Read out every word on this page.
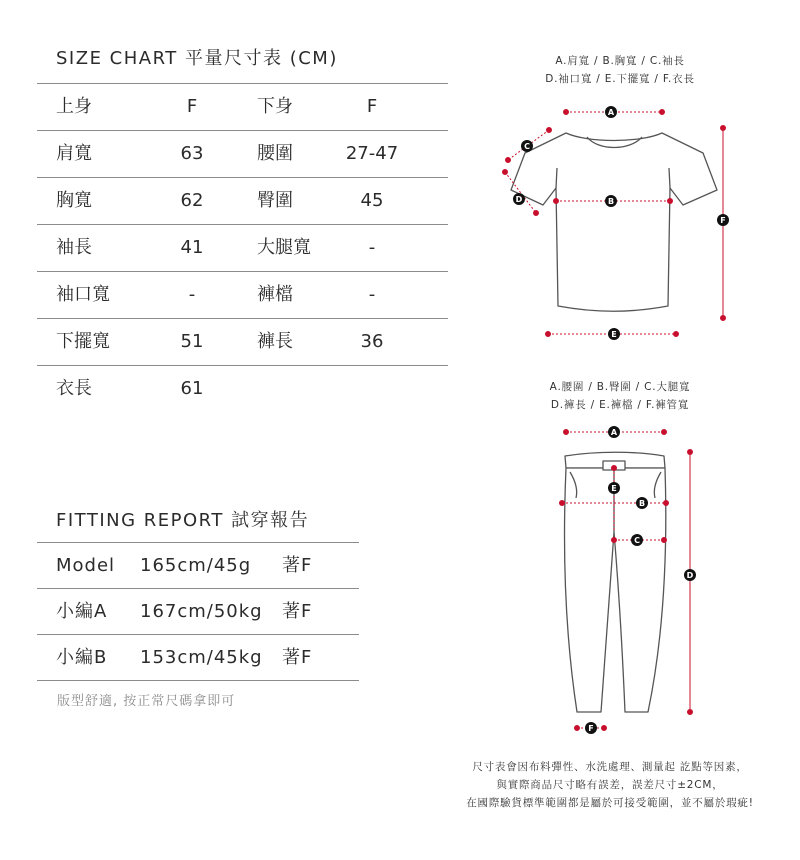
SIZE CHART 平量尺寸表 (CM)
上身	F	下身	F
肩寬	63	腰圍	27-47
胸寬	62	臀圍	45
袖長	41	大腿寬	-
袖口寬	-	褲檔	-
下擺寬	51	褲長	36
衣長	61
FITTING REPORT 試穿報告
Model 165cm/45g 著F
小編A 167cm/50kg 著F
小編B 153cm/45kg 著F
版型舒適, 按正常尺碼拿即可
A.肩寬 / B.胸寬 / C.袖長
D.袖口寬 / E.下擺寬 / F.衣長
A.腰圍 / B.臀圍 / C.大腿寬
D.褲長 / E.褲檔 / F.褲管寬
A
B
C
D
E
F
A
B
C
D
E
F
尺寸表會因布料彈性、水洗處理、測量起 訖點等因素，
與實際商品尺寸略有誤差，誤差尺寸±2CM，
在國際驗貨標準範圍都是屬於可接受範圍，並不屬於瑕疵!
